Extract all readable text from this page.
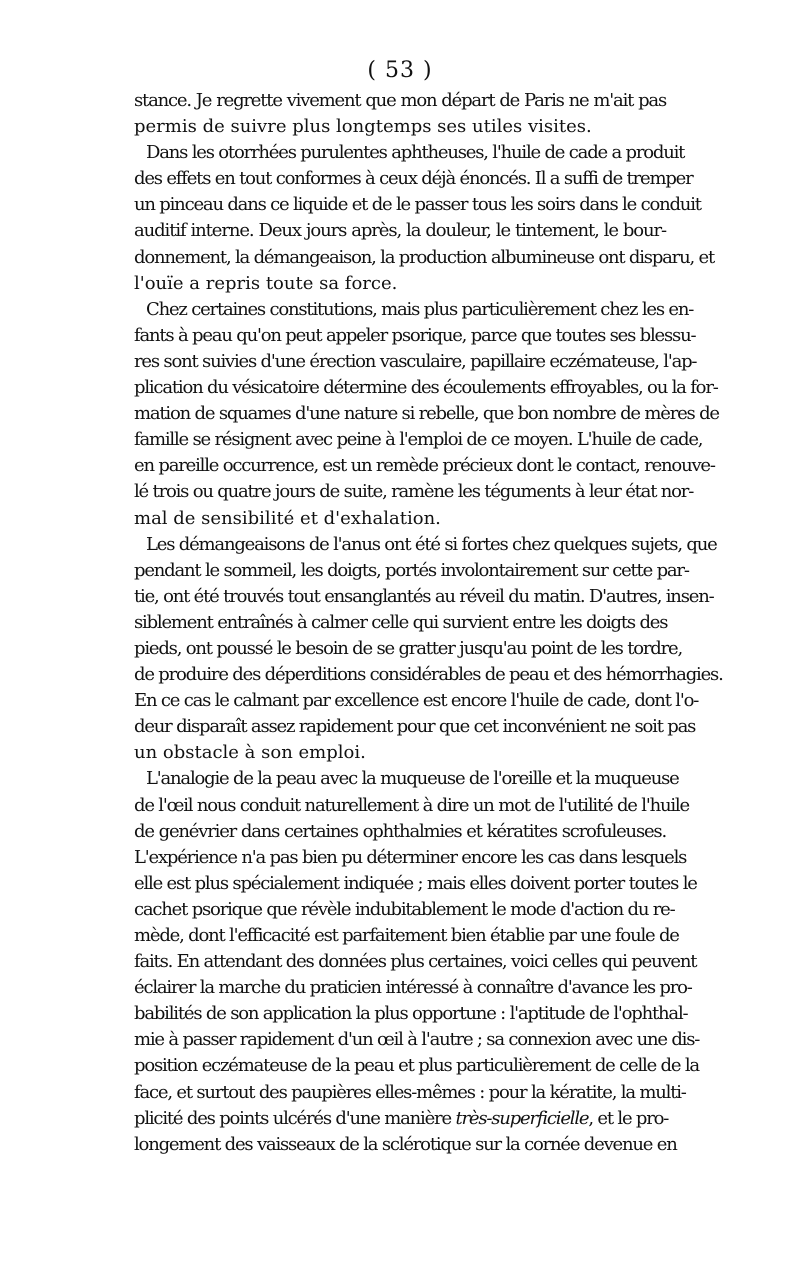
( 53 )
stance. Je regrette vivement que mon départ de Paris ne m'ait pas
permis de suivre plus longtemps ses utiles visites.
Dans les otorrhées purulentes aphtheuses, l'huile de cade a produit
des effets en tout conformes à ceux déjà énoncés. Il a suffi de tremper
un pinceau dans ce liquide et de le passer tous les soirs dans le conduit
auditif interne. Deux jours après, la douleur, le tintement, le bour-
donnement, la démangeaison, la production albumineuse ont disparu, et
l'ouïe a repris toute sa force.
Chez certaines constitutions, mais plus particulièrement chez les en-
fants à peau qu'on peut appeler psorique, parce que toutes ses blessu-
res sont suivies d'une érection vasculaire, papillaire eczémateuse, l'ap-
plication du vésicatoire détermine des écoulements effroyables, ou la for-
mation de squames d'une nature si rebelle, que bon nombre de mères de
famille se résignent avec peine à l'emploi de ce moyen. L'huile de cade,
en pareille occurrence, est un remède précieux dont le contact, renouve-
lé trois ou quatre jours de suite, ramène les téguments à leur état nor-
mal de sensibilité et d'exhalation.
Les démangeaisons de l'anus ont été si fortes chez quelques sujets, que
pendant le sommeil, les doigts, portés involontairement sur cette par-
tie, ont été trouvés tout ensanglantés au réveil du matin. D'autres, insen-
siblement entraînés à calmer celle qui survient entre les doigts des
pieds, ont poussé le besoin de se gratter jusqu'au point de les tordre,
de produire des déperditions considérables de peau et des hémorrhagies.
En ce cas le calmant par excellence est encore l'huile de cade, dont l'o-
deur disparaît assez rapidement pour que cet inconvénient ne soit pas
un obstacle à son emploi.
L'analogie de la peau avec la muqueuse de l'oreille et la muqueuse
de l'œil nous conduit naturellement à dire un mot de l'utilité de l'huile
de genévrier dans certaines ophthalmies et kératites scrofuleuses.
L'expérience n'a pas bien pu déterminer encore les cas dans lesquels
elle est plus spécialement indiquée ; mais elles doivent porter toutes le
cachet psorique que révèle indubitablement le mode d'action du re-
mède, dont l'efficacité est parfaitement bien établie par une foule de
faits. En attendant des données plus certaines, voici celles qui peuvent
éclairer la marche du praticien intéressé à connaître d'avance les pro-
babilités de son application la plus opportune : l'aptitude de l'ophthal-
mie à passer rapidement d'un œil à l'autre ; sa connexion avec une dis-
position eczémateuse de la peau et plus particulièrement de celle de la
face, et surtout des paupières elles-mêmes : pour la kératite, la multi-
plicité des points ulcérés d'une manière très-superficielle, et le pro-
longement des vaisseaux de la sclérotique sur la cornée devenue en
